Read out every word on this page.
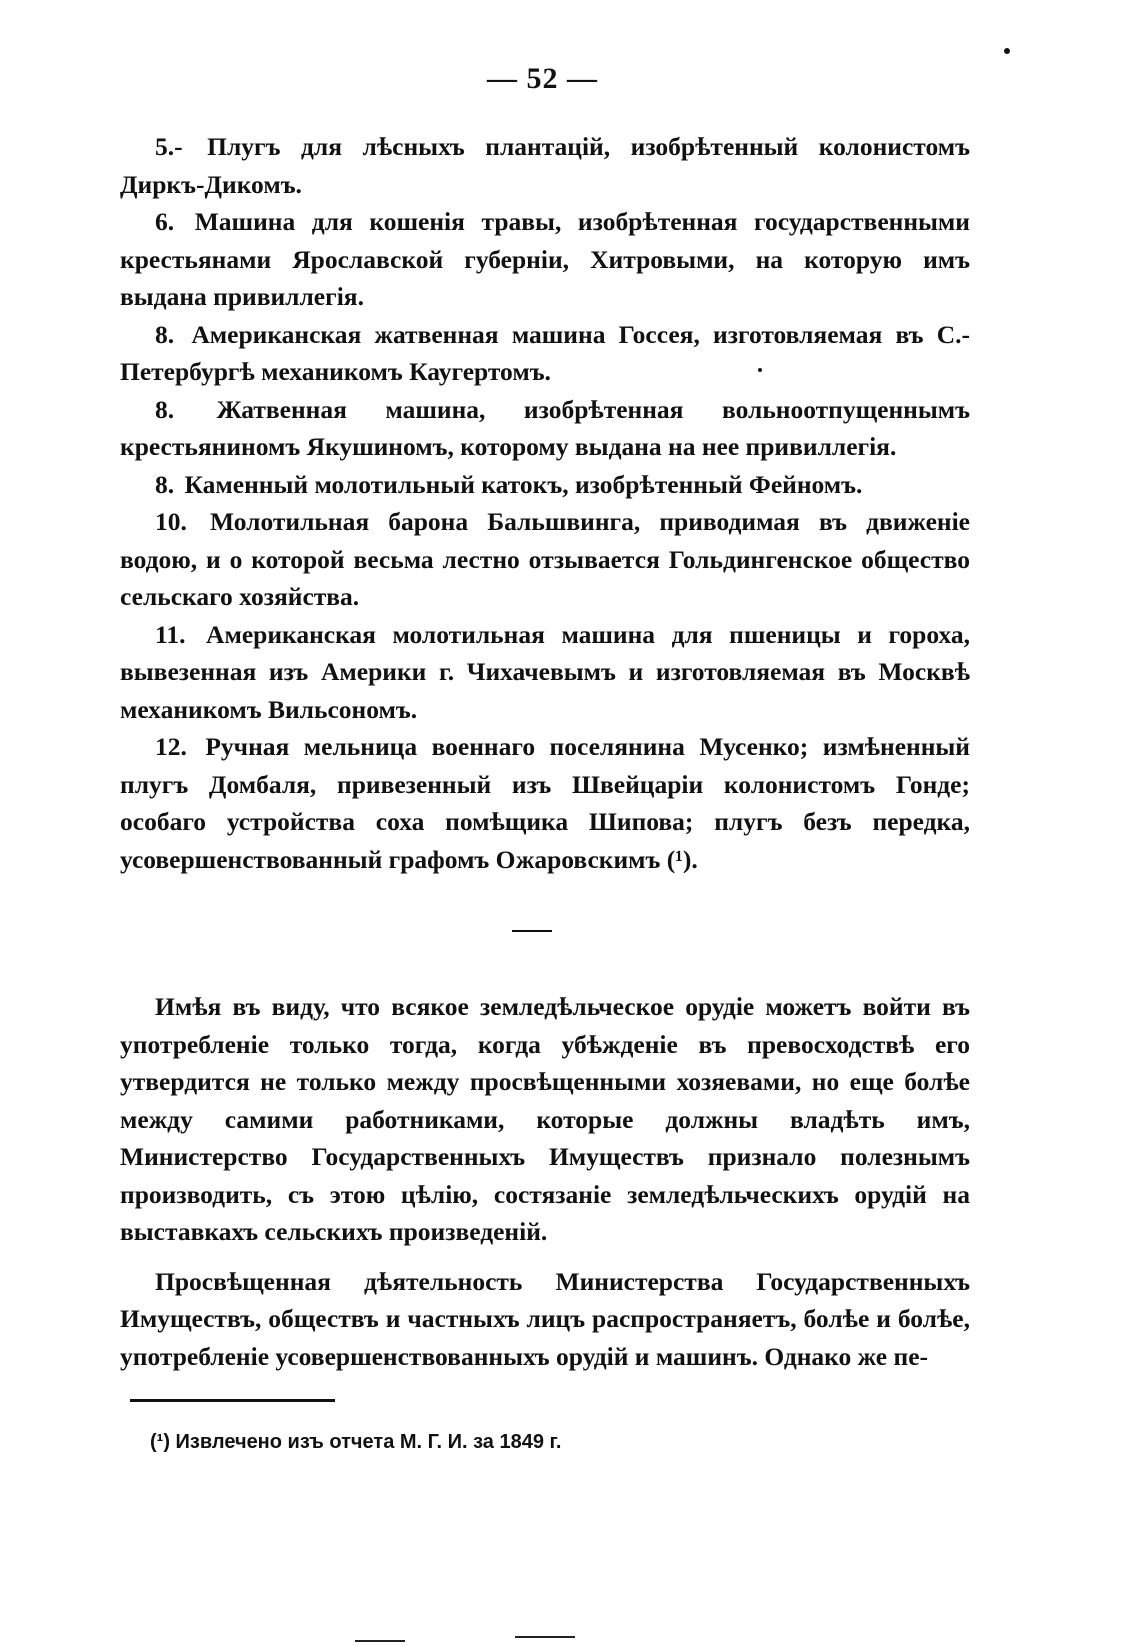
— 52 —

5.- Плугъ для лѣсныхъ плантацій, изобрѣтенный колонистомъ Диркъ-Дикомъ.

6. Машина для кошенія травы, изобрѣтенная государственными крестьянами Ярославской губерніи, Хитровыми, на которую имъ выдана привиллегія.

8. Американская жатвенная машина Госсея, изготовляемая въ С.-Петербургѣ механикомъ Каугертомъ.

8. Жатвенная машина, изобрѣтенная вольноотпущеннымъ крестьяниномъ Якушиномъ, которому выдана на нее привиллегія.

8. Каменный молотильный катокъ, изобрѣтенный Фейномъ.

10. Молотильная барона Бальшвинга, приводимая въ движеніе водою, и о которой весьма лестно отзывается Гольдингенское общество сельскаго хозяйства.

11. Американская молотильная машина для пшеницы и гороха, вывезенная изъ Америки г. Чихачевымъ и изготовляемая въ Москвѣ механикомъ Вильсономъ.

12. Ручная мельница военнаго поселянина Мусенко; измѣненный плугъ Домбаля, привезенный изъ Швейцаріи колонистомъ Гонде; особаго устройства соха помѣщика Шипова; плугъ безъ передка, усовершенствованный графомъ Ожаровскимъ (¹).

Имѣя въ виду, что всякое земледѣльческое орудіе можетъ войти въ употребленіе только тогда, когда убѣжденіе въ превосходствѣ его утвердится не только между просвѣщенными хозяевами, но еще болѣе между самими работниками, которые должны владѣть имъ, Министерство Государственныхъ Имуществъ признало полезнымъ производить, съ этою цѣлію, состязаніе земледѣльческихъ орудій на выставкахъ сельскихъ произведеній.

Просвѣщенная дѣятельность Министерства Государственныхъ Имуществъ, обществъ и частныхъ лицъ распространяетъ, болѣе и болѣе, употребленіе усовершенствованныхъ орудій и машинъ. Однако же пе-

(¹) Извлечено изъ отчета М. Г. И. за 1849 г.
